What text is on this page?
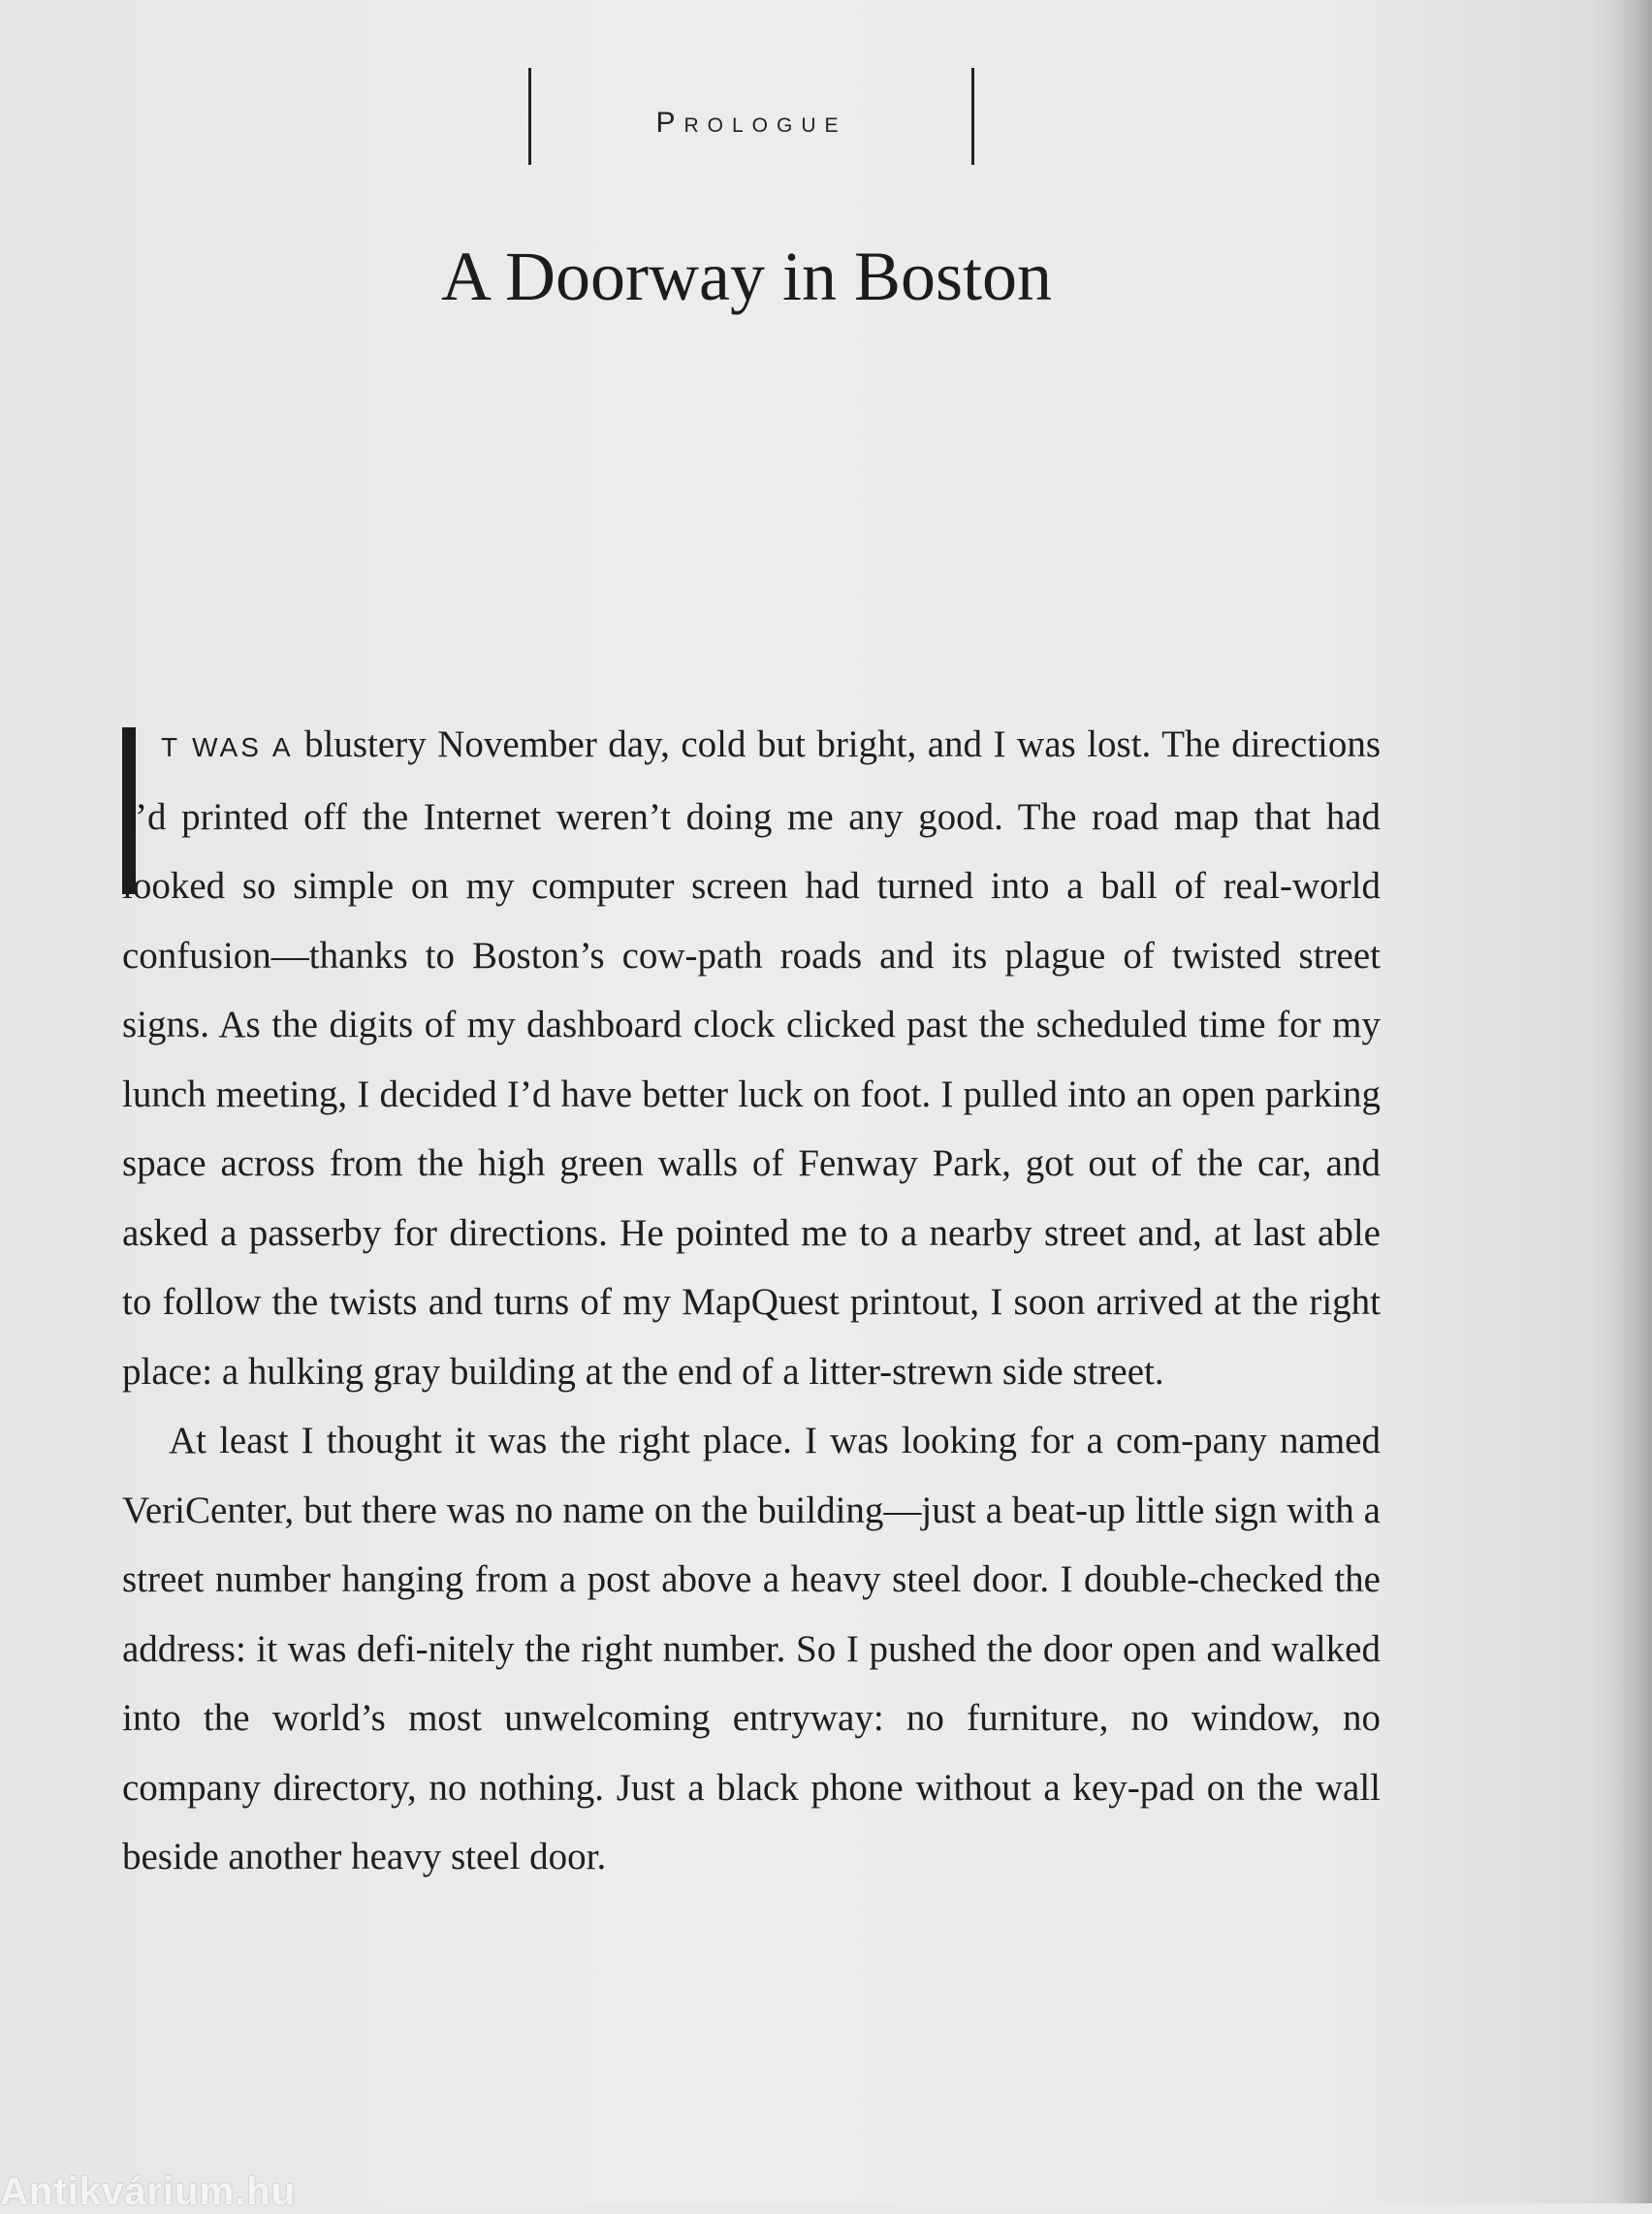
Prologue
A Doorway in Boston

T WAS A blustery November day, cold but bright, and I was lost. The directions I’d printed off the Internet weren’t doing me any good. The road map that had looked so simple on my computer screen had turned into a ball of real-world confusion—thanks to Boston’s cow-path roads and its plague of twisted street signs. As the digits of my dashboard clock clicked past the scheduled time for my lunch meeting, I decided I’d have better luck on foot. I pulled into an open parking space across from the high green walls of Fenway Park, got out of the car, and asked a passerby for directions. He pointed me to a nearby street and, at last able to follow the twists and turns of my MapQuest printout, I soon arrived at the right place: a hulking gray building at the end of a litter-strewn side street.

At least I thought it was the right place. I was looking for a com-pany named VeriCenter, but there was no name on the building—just a beat-up little sign with a street number hanging from a post above a heavy steel door. I double-checked the address: it was defi-nitely the right number. So I pushed the door open and walked into the world’s most unwelcoming entryway: no furniture, no window, no company directory, no nothing. Just a black phone without a key-pad on the wall beside another heavy steel door.

Antikvárium.hu
